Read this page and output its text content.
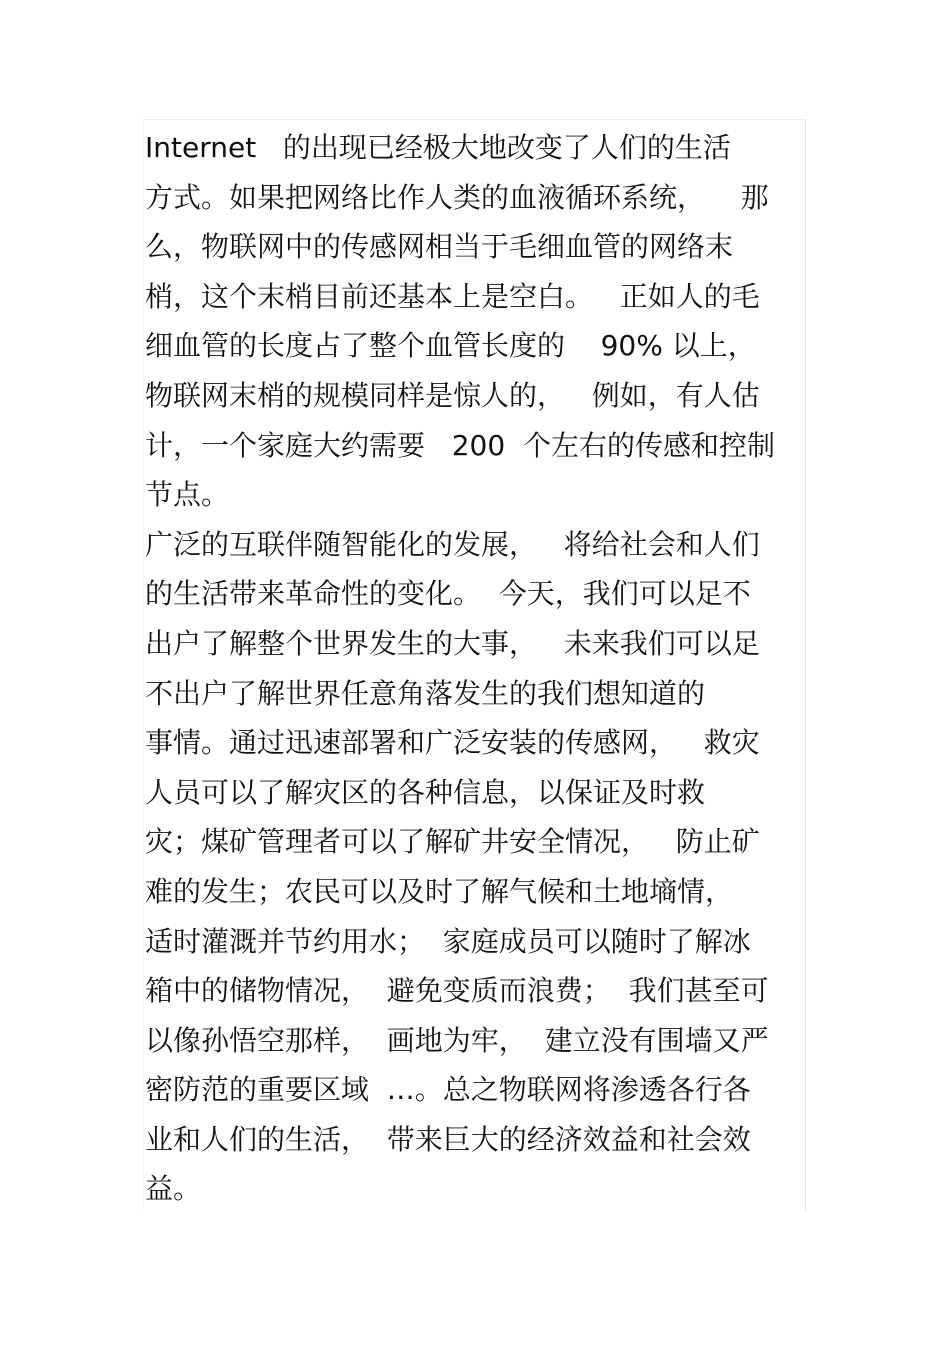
Internet   的出现已经极大地改变了人们的生活
方式。如果把网络比作人类的血液循环系统，    那
么，物联网中的传感网相当于毛细血管的网络末
梢，这个末梢目前还基本上是空白。   正如人的毛
细血管的长度占了整个血管长度的    90% 以上，
物联网末梢的规模同样是惊人的，   例如，有人估
计，一个家庭大约需要   200  个左右的传感和控制
节点。
广泛的互联伴随智能化的发展，   将给社会和人们
的生活带来革命性的变化。  今天，我们可以足不
出户了解整个世界发生的大事，   未来我们可以足
不出户了解世界任意角落发生的我们想知道的
事情。通过迅速部署和广泛安装的传感网，   救灾
人员可以了解灾区的各种信息，以保证及时救
灾；煤矿管理者可以了解矿井安全情况，   防止矿
难的发生；农民可以及时了解气候和土地墒情，
适时灌溉并节约用水；  家庭成员可以随时了解冰
箱中的储物情况，  避免变质而浪费；  我们甚至可
以像孙悟空那样，  画地为牢，  建立没有围墙又严
密防范的重要区域  …。总之物联网将渗透各行各
业和人们的生活，  带来巨大的经济效益和社会效
益。
